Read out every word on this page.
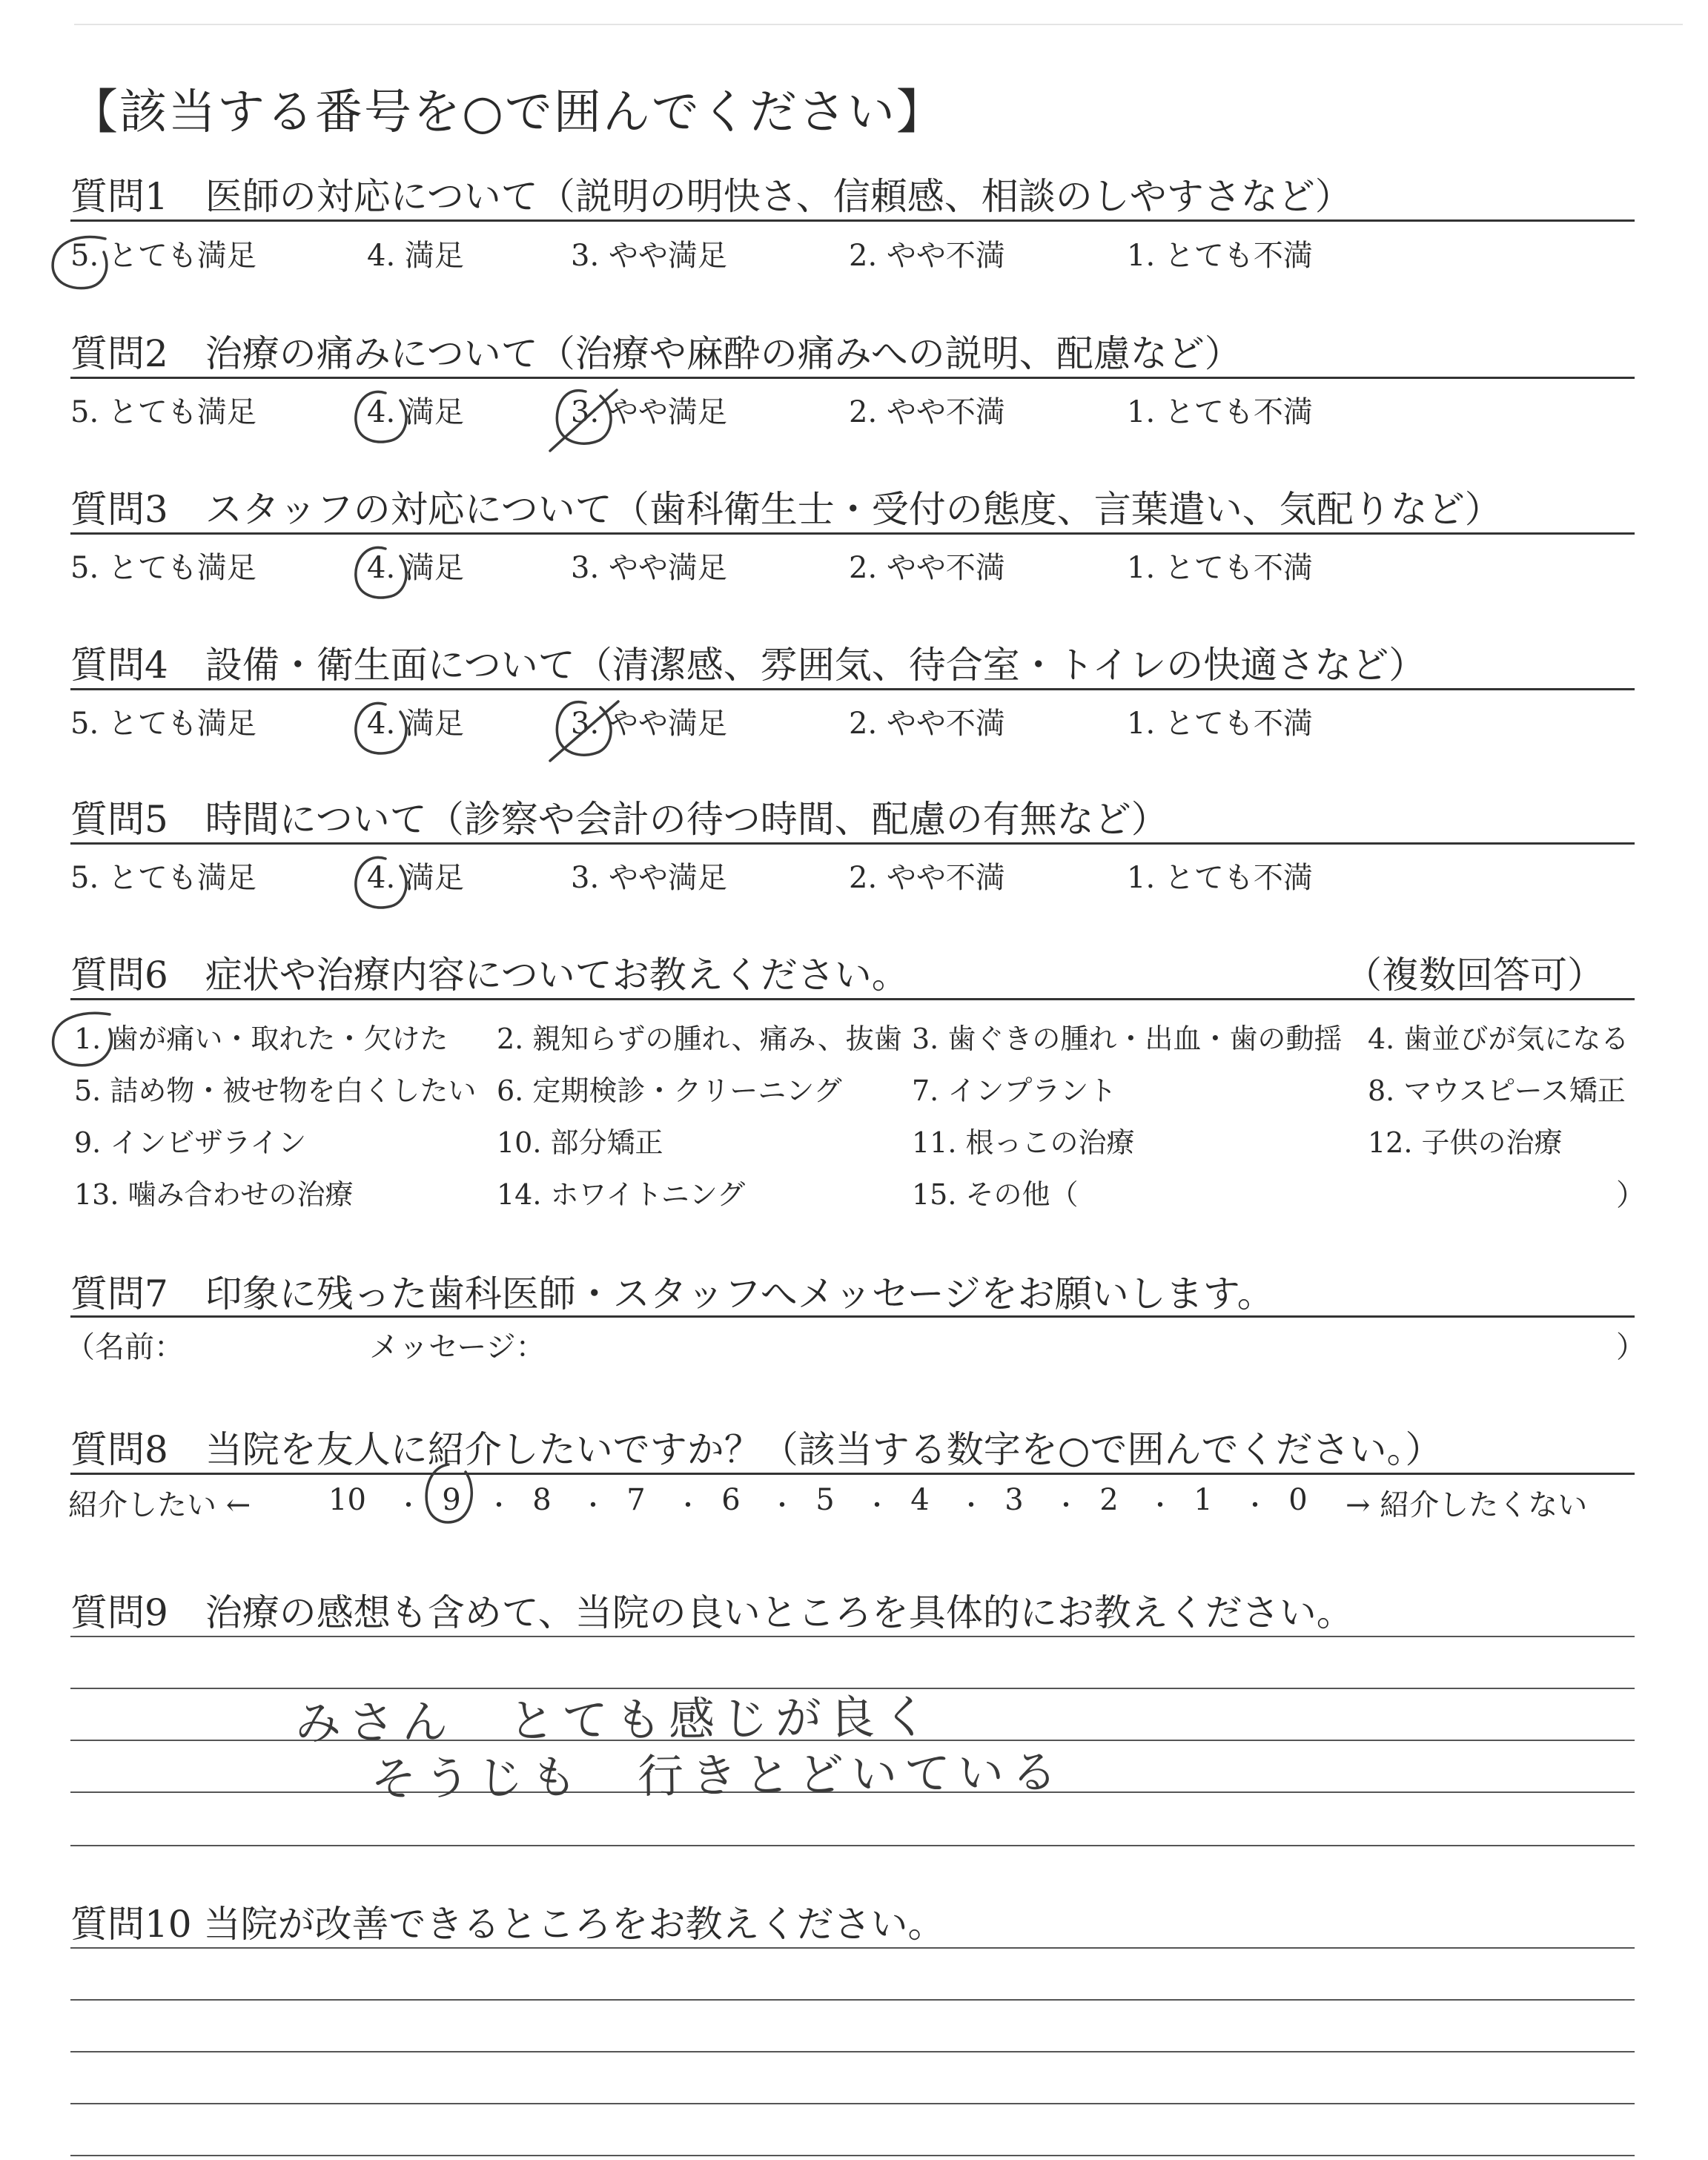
【該当する番号を○で囲んでください】
質問1　医師の対応について（説明の明快さ、信頼感、相談のしやすさなど）
5. とても満足	4. 満足	3. やや満足	2. やや不満	1. とても不満
質問2　治療の痛みについて（治療や麻酔の痛みへの説明、配慮など）
5. とても満足	4. 満足	3. やや満足	2. やや不満	1. とても不満
質問3　スタッフの対応について（歯科衛生士・受付の態度、言葉遣い、気配りなど）
5. とても満足	4. 満足	3. やや満足	2. やや不満	1. とても不満
質問4　設備・衛生面について（清潔感、雰囲気、待合室・トイレの快適さなど）
5. とても満足	4. 満足	3. やや満足	2. やや不満	1. とても不満
質問5　時間について（診察や会計の待つ時間、配慮の有無など）
5. とても満足	4. 満足	3. やや満足	2. やや不満	1. とても不満
質問6　症状や治療内容についてお教えください。	（複数回答可）
1. 歯が痛い・取れた・欠けた 2. 親知らずの腫れ、痛み、抜歯 3. 歯ぐきの腫れ・出血・歯の動揺 4. 歯並びが気になる
5. 詰め物・被せ物を白くしたい 6. 定期検診・クリーニング 7. インプラント	8. マウスピース矯正
9. インビザライン	10. 部分矯正	11. 根っこの治療	12. 子供の治療
13. 噛み合わせの治療	14. ホワイトニング	15. その他（	）
質問7　印象に残った歯科医師・スタッフへメッセージをお願いします。
（名前：	メッセージ：	）
質問8　当院を友人に紹介したいですか？（該当する数字を○で囲んでください。）
紹介したい ←	10 ・ 9 ・ 8 ・ 7 ・ 6 ・ 5 ・ 4 ・ 3 ・ 2 ・ 1 ・ 0 → 紹介したくない
質問9　治療の感想も含めて、当院の良いところを具体的にお教えください。
みさん　とても感じが良く
そうじも　行きとどいている
質問10 当院が改善できるところをお教えください。
